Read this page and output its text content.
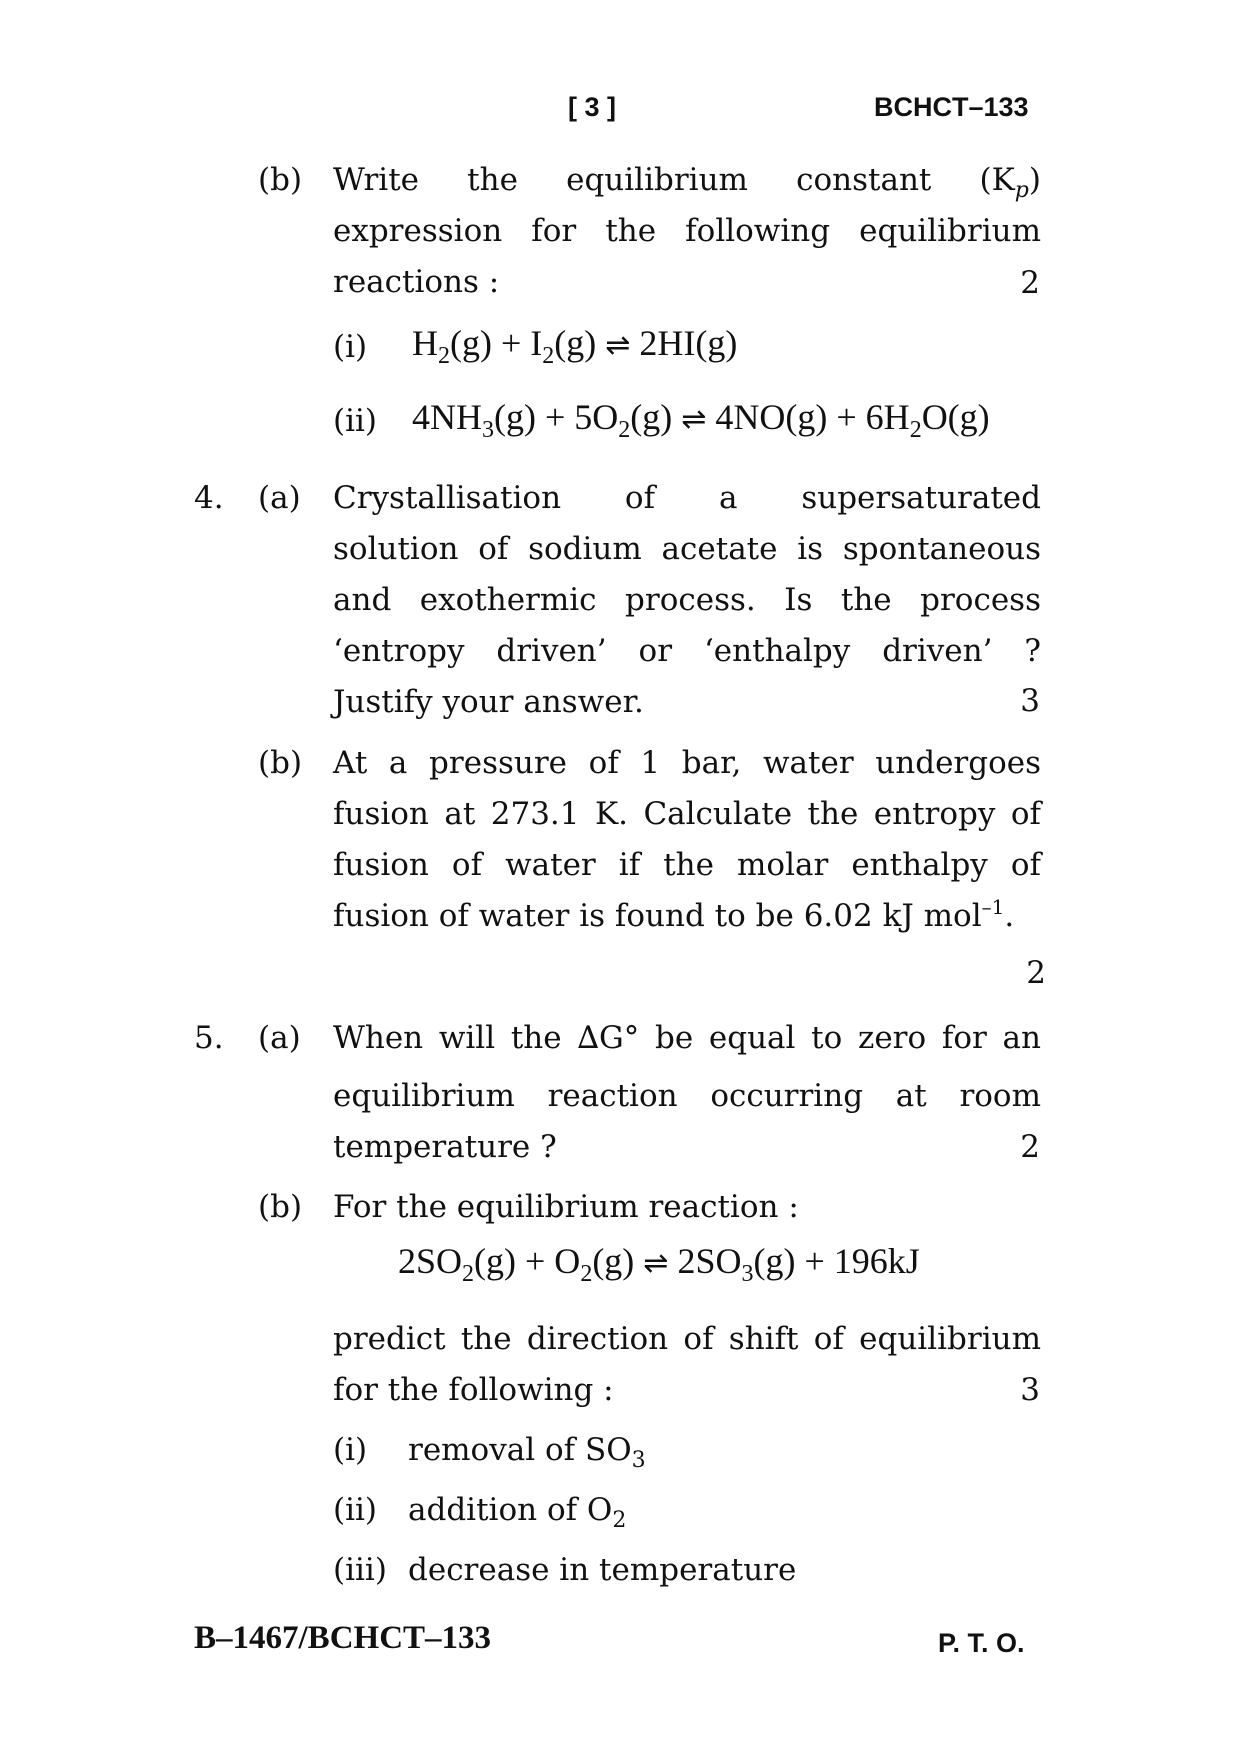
[ 3 ]	BCHCT–133
(b) Write the equilibrium constant $(K_p)$
expression for the following equilibrium
reactions :	2
(i) $H_2(g) + I_2(g)$ ⇌ 2HI(g)
(ii) $4NH_3(g) + 5O_2(g)$ ⇌ $4NO(g) + 6H_2O(g)$
4. (a) Crystallisation of a supersaturated
solution of sodium acetate is spontaneous
and exothermic process. Is the process
‘entropy driven’ or ‘enthalpy driven’ ?
Justify your answer.	3
(b) At a pressure of 1 bar, water undergoes
fusion at 273.1 K. Calculate the entropy of
fusion of water if the molar enthalpy of
fusion of water is found to be 6.02 kJ mol$^{-1}$.
2
5. (a) When will the ∆G° be equal to zero for an
equilibrium reaction occurring at room
temperature ?	2
(b) For the equilibrium reaction :
$2SO_2(g) + O_2(g)$ ⇌ $2SO_3(g) + 196kJ$
predict the direction of shift of equilibrium
for the following :	3
(i) removal of $SO_3$
(ii) addition of $O_2$
(iii) decrease in temperature
B–1467/BCHCT–133	P. T. O.
